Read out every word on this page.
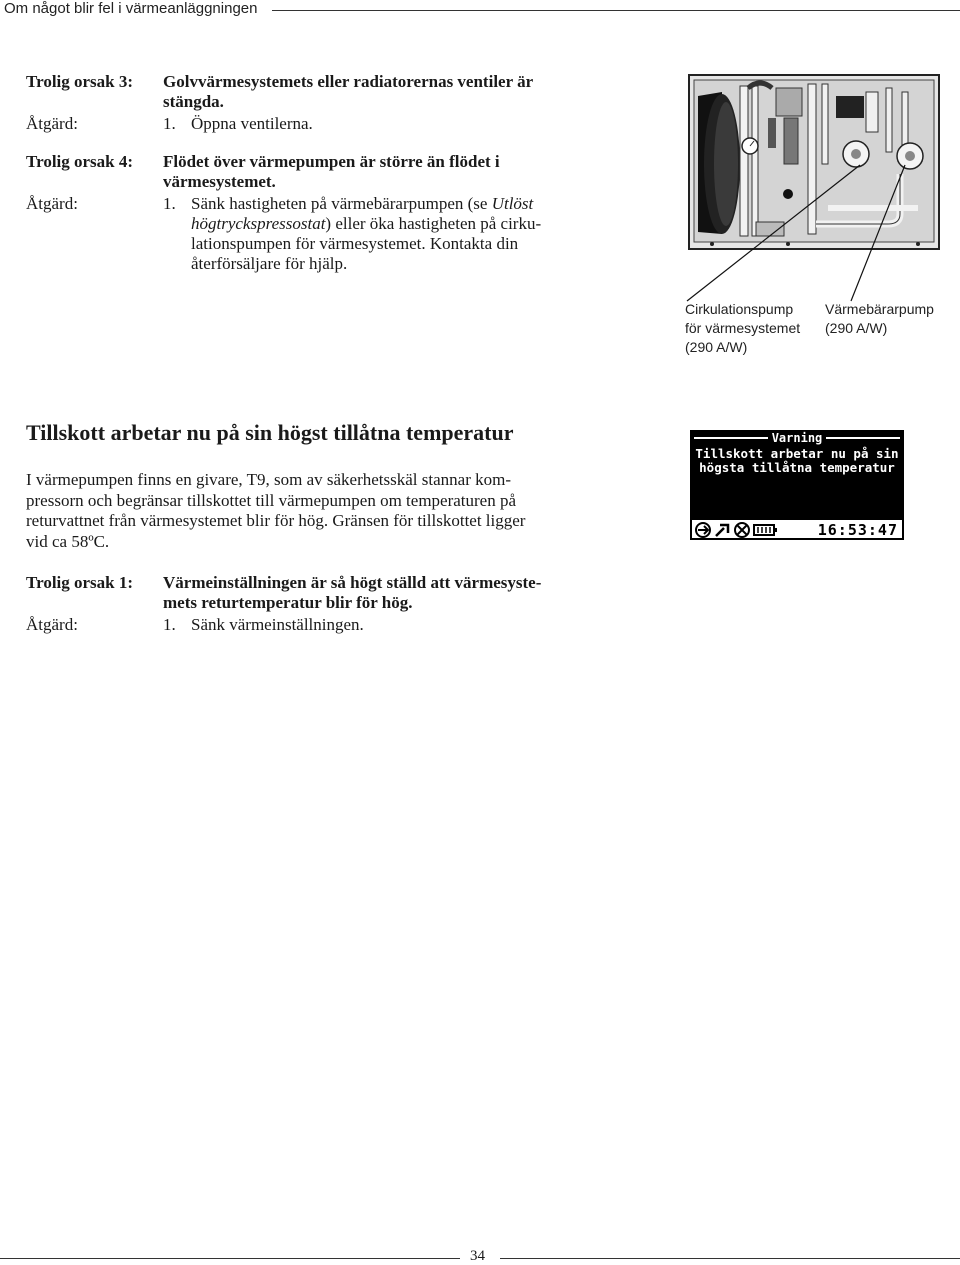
Om något blir fel i värmeanläggningen
Trolig orsak 3: Golvvärmesystemets eller radiatorernas ventiler är
stängda.
Åtgärd:	1. Öppna ventilerna.
Trolig orsak 4: Flödet över värmepumpen är större än flödet i
värmesystemet.
Åtgärd:	1. Sänk hastigheten på värmebärarpumpen (se Utlöst
högtryckspressostat) eller öka hastigheten på cirku-
lationspumpen för värmesystemet. Kontakta din
återförsäljare för hjälp.
Cirkulationspump
för värmesystemet
(290 A/W)
Värmebärarpump
(290 A/W)
Tillskott arbetar nu på sin högst tillåtna temperatur
I värmepumpen finns en givare, T9, som av säkerhetsskäl stannar kom-
pressorn och begränsar tillskottet till värmepumpen om temperaturen på
returvattnet från värmesystemet blir för hög. Gränsen för tillskottet ligger
vid ca 58ºC.
Varning
Tillskott arbetar nu på sin
högsta tillåtna temperatur
16:53:47
Trolig orsak 1: Värmeinställningen är så högt ställd att värmesyste-
mets returtemperatur blir för hög.
Åtgärd:	1. Sänk värmeinställningen.
34
